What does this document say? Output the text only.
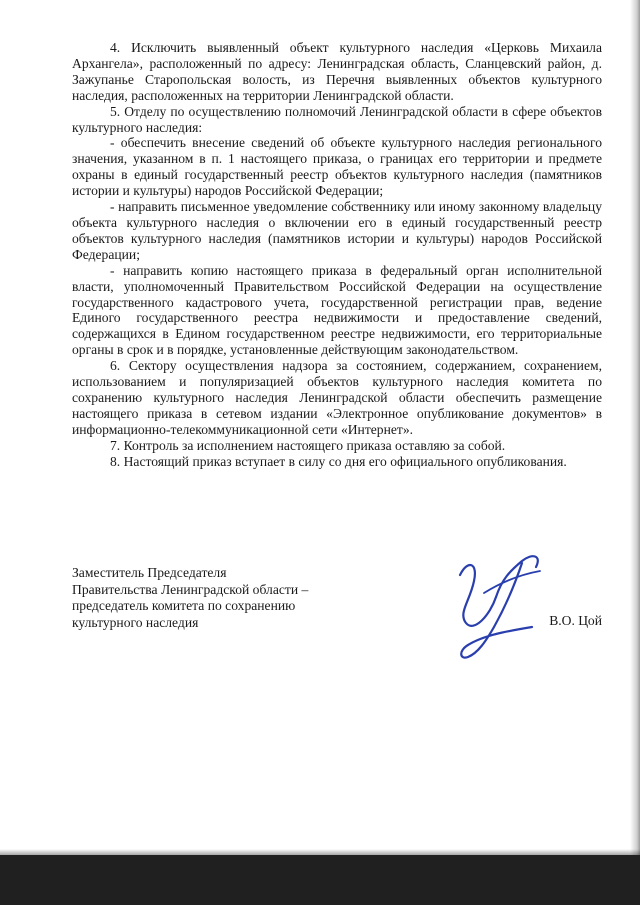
4. Исключить выявленный объект культурного наследия «Церковь Михаила Архангела», расположенный по адресу: Ленинградская область, Сланцевский район, д. Зажупанье Старопольская волость, из Перечня выявленных объектов культурного наследия, расположенных на территории Ленинградской области.

5. Отделу по осуществлению полномочий Ленинградской области в сфере объектов культурного наследия:

- обеспечить внесение сведений об объекте культурного наследия регионального значения, указанном в п. 1 настоящего приказа, о границах его территории и предмете охраны в единый государственный реестр объектов культурного наследия (памятников истории и культуры) народов Российской Федерации;

- направить письменное уведомление собственнику или иному законному владельцу объекта культурного наследия о включении его в единый государственный реестр объектов культурного наследия (памятников истории и культуры) народов Российской Федерации;

- направить копию настоящего приказа в федеральный орган исполнительной власти, уполномоченный Правительством Российской Федерации на осуществление государственного кадастрового учета, государственной регистрации прав, ведение Единого государственного реестра недвижимости и предоставление сведений, содержащихся в Едином государственном реестре недвижимости, его территориальные органы в срок и в порядке, установленные действующим законодательством.

6. Сектору осуществления надзора за состоянием, содержанием, сохранением, использованием и популяризацией объектов культурного наследия комитета по сохранению культурного наследия Ленинградской области обеспечить размещение настоящего приказа в сетевом издании «Электронное опубликование документов» в информационно-телекоммуникационной сети «Интернет».

7. Контроль за исполнением настоящего приказа оставляю за собой.

8. Настоящий приказ вступает в силу со дня его официального опубликования.

Заместитель Председателя
Правительства Ленинградской области –
председатель комитета по сохранению
культурного наследия	В.О. Цой
